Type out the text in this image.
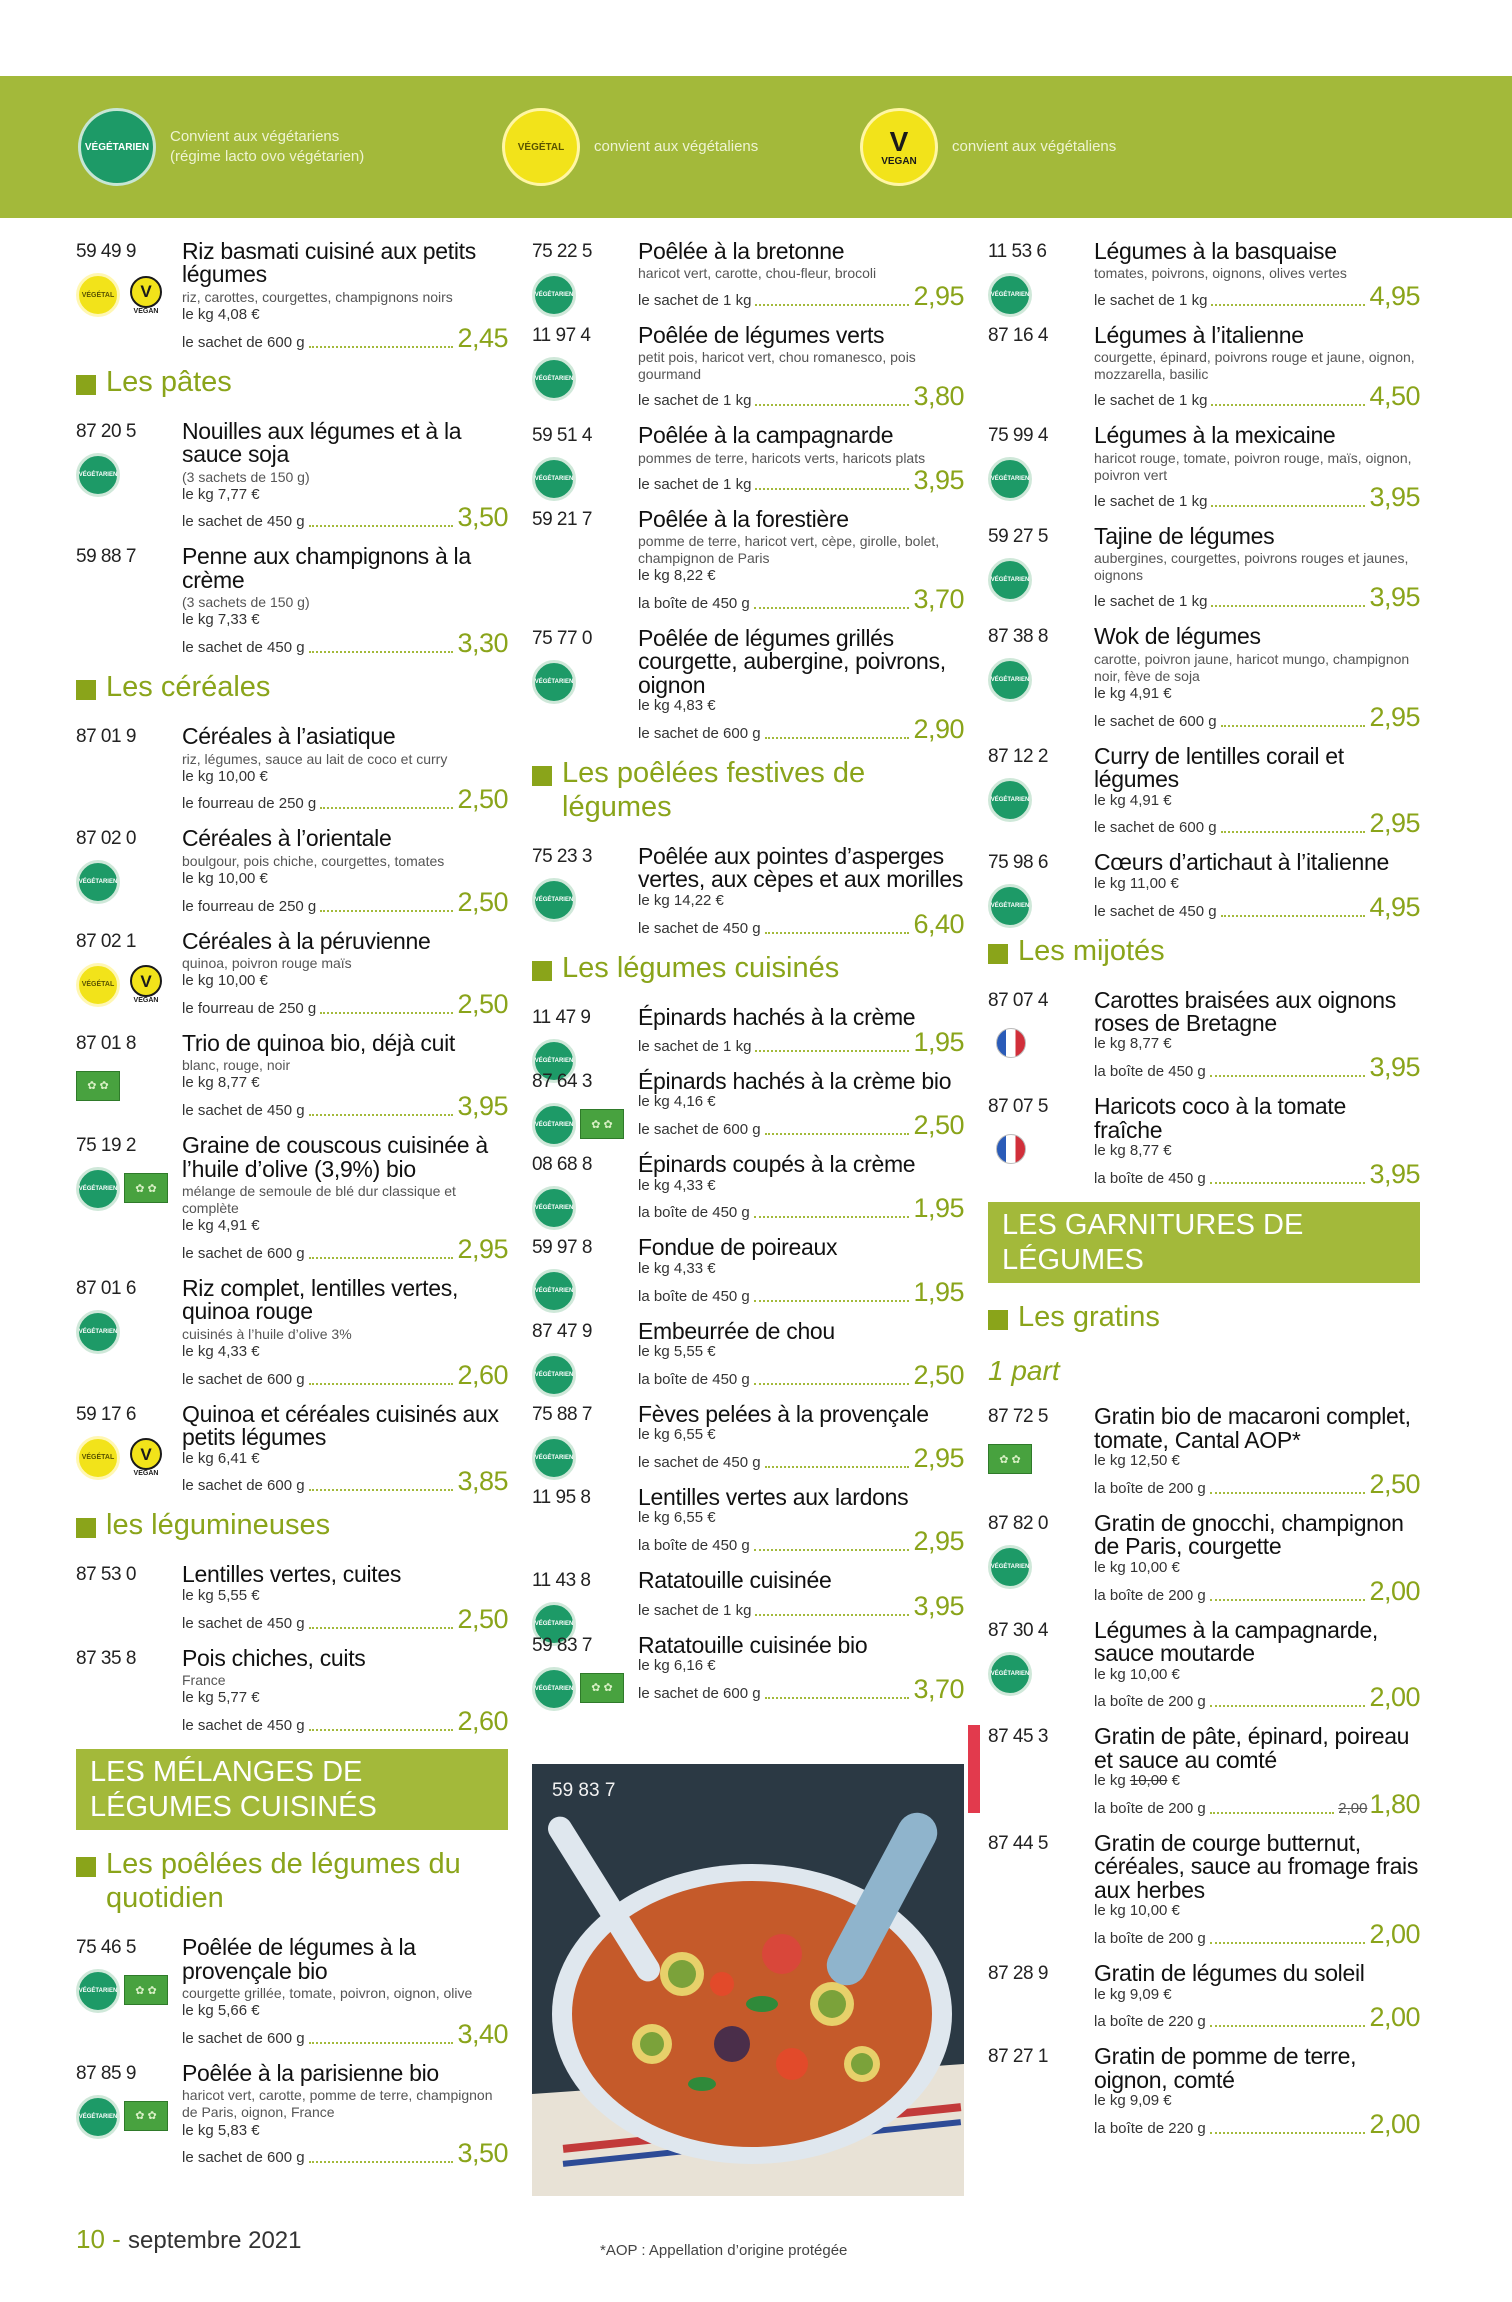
VÉGÉTARIEN
Convient aux végétariens
(régime lacto ovo végétarien)
VÉGÉTAL	convient aux végétaliens	V
VEGAN
convient aux végétaliens
59 49 9
VÉGÉTAL	V
VEGAN
Riz basmati cuisiné aux petits légumes
riz, carottes, courgettes, champignons noirs
le kg 4,08 €
le sachet de 600 g	2,45
Les pâtes
87 20 5
VÉGÉTARIEN
Nouilles aux légumes et à la sauce soja
(3 sachets de 150 g)
le kg 7,77 €
le sachet de 450 g	3,50
59 88 7 Penne aux champignons à la crème
(3 sachets de 150 g)
le kg 7,33 €
le sachet de 450 g	3,30
Les céréales
87 01 9 Céréales à l’asiatique
riz, légumes, sauce au lait de coco et curry
le kg 10,00 €
le fourreau de 250 g	2,50
87 02 0
VÉGÉTARIEN
Céréales à l’orientale
boulgour, pois chiche, courgettes, tomates
le kg 10,00 €
le fourreau de 250 g	2,50
87 02 1
VÉGÉTAL	V
VEGAN
Céréales à la péruvienne
quinoa, poivron rouge maïs
le kg 10,00 €
le fourreau de 250 g	2,50
87 01 8
✿ ✿
Trio de quinoa bio, déjà cuit
blanc, rouge, noir
le kg 8,77 €
le sachet de 450 g	3,95
75 19 2
VÉGÉTARIEN	✿ ✿
Graine de couscous cuisinée à l’huile d’olive (3,9%) bio
mélange de semoule de blé dur classique et complète
le kg 4,91 €
le sachet de 600 g	2,95
87 01 6
VÉGÉTARIEN
Riz complet, lentilles vertes, quinoa rouge
cuisinés à l’huile d’olive 3%
le kg 4,33 €
le sachet de 600 g	2,60
59 17 6
VÉGÉTAL	V
VEGAN
Quinoa et céréales cuisinés aux petits légumes
le kg 6,41 €
le sachet de 600 g	3,85
les légumineuses
87 53 0 Lentilles vertes, cuites
le kg 5,55 €
le sachet de 450 g	2,50
87 35 8 Pois chiches, cuits
France
le kg 5,77 €
le sachet de 450 g	2,60
LES MÉLANGES DE LÉGUMES CUISINÉS
Les poêlées de légumes du quotidien
75 46 5
VÉGÉTARIEN	✿ ✿
Poêlée de légumes à la provençale bio
courgette grillée, tomate, poivron, oignon, olive
le kg 5,66 €
le sachet de 600 g	3,40
87 85 9
VÉGÉTARIEN	✿ ✿
Poêlée à la parisienne bio
haricot vert, carotte, pomme de terre, champignon de Paris, oignon, France
le kg 5,83 €
le sachet de 600 g	3,50
75 22 5
VÉGÉTARIEN
Poêlée à la bretonne
haricot vert, carotte, chou-fleur, brocoli
le sachet de 1 kg	2,95
11 97 4
VÉGÉTARIEN
Poêlée de légumes verts
petit pois, haricot vert, chou romanesco, pois gourmand
le sachet de 1 kg	3,80
59 51 4
VÉGÉTARIEN
Poêlée à la campagnarde
pommes de terre, haricots verts, haricots plats
le sachet de 1 kg	3,95
59 21 7 Poêlée à la forestière
pomme de terre, haricot vert, cèpe, girolle, bolet, champignon de Paris
le kg 8,22 €
la boîte de 450 g	3,70
75 77 0
VÉGÉTARIEN
Poêlée de légumes grillés courgette, aubergine, poivrons, oignon
le kg 4,83 €
le sachet de 600 g	2,90
Les poêlées festives de légumes
75 23 3
VÉGÉTARIEN
Poêlée aux pointes d’asperges vertes, aux cèpes et aux morilles
le kg 14,22 €
le sachet de 450 g	6,40
Les légumes cuisinés
11 47 9
VÉGÉTARIEN
Épinards hachés à la crème
le sachet de 1 kg	1,95
87 64 3
VÉGÉTARIEN	✿ ✿
Épinards hachés à la crème bio
le kg 4,16 €
le sachet de 600 g	2,50
08 68 8
VÉGÉTARIEN
Épinards coupés à la crème
le kg 4,33 €
la boîte de 450 g	1,95
59 97 8
VÉGÉTARIEN
Fondue de poireaux
le kg 4,33 €
la boîte de 450 g	1,95
87 47 9
VÉGÉTARIEN
Embeurrée de chou
le kg 5,55 €
la boîte de 450 g	2,50
75 88 7
VÉGÉTARIEN
Fèves pelées à la provençale
le kg 6,55 €
le sachet de 450 g	2,95
11 95 8 Lentilles vertes aux lardons
le kg 6,55 €
la boîte de 450 g	2,95
11 43 8
VÉGÉTARIEN
Ratatouille cuisinée
le sachet de 1 kg	3,95
59 83 7
VÉGÉTARIEN	✿ ✿
Ratatouille cuisinée bio
le kg 6,16 €
le sachet de 600 g	3,70
59 83 7
11 53 6
VÉGÉTARIEN
Légumes à la basquaise
tomates, poivrons, oignons, olives vertes
le sachet de 1 kg	4,95
87 16 4 Légumes à l’italienne
courgette, épinard, poivrons rouge et jaune, oignon, mozzarella, basilic
le sachet de 1 kg	4,50
75 99 4
VÉGÉTARIEN
Légumes à la mexicaine
haricot rouge, tomate, poivron rouge, maïs, oignon, poivron vert
le sachet de 1 kg	3,95
59 27 5
VÉGÉTARIEN
Tajine de légumes
aubergines, courgettes, poivrons rouges et jaunes, oignons
le sachet de 1 kg	3,95
87 38 8
VÉGÉTARIEN
Wok de légumes
carotte, poivron jaune, haricot mungo, champignon noir, fève de soja
le kg 4,91 €
le sachet de 600 g	2,95
87 12 2
VÉGÉTARIEN
Curry de lentilles corail et légumes
le kg 4,91 €
le sachet de 600 g	2,95
75 98 6
VÉGÉTARIEN
Cœurs d’artichaut à l’italienne
le kg 11,00 €
le sachet de 450 g	4,95
Les mijotés
87 07 4 Carottes braisées aux oignons roses de Bretagne
le kg 8,77 €
la boîte de 450 g	3,95
87 07 5 Haricots coco à la tomate fraîche
le kg 8,77 €
la boîte de 450 g	3,95
LES GARNITURES DE LÉGUMES
Les gratins
1 part
87 72 5
✿ ✿
Gratin bio de macaroni complet, tomate, Cantal AOP*
le kg 12,50 €
la boîte de 200 g	2,50
87 82 0
VÉGÉTARIEN
Gratin de gnocchi, champignon de Paris, courgette
le kg 10,00 €
la boîte de 200 g	2,00
87 30 4
VÉGÉTARIEN
Légumes à la campagnarde, sauce moutarde
le kg 10,00 €
la boîte de 200 g	2,00
87 45 3 Gratin de pâte, épinard, poireau et sauce au comté
le kg 10,00 €
la boîte de 200 g	2,00 1,80
87 44 5 Gratin de courge butternut, céréales, sauce au fromage frais aux herbes
le kg 10,00 €
la boîte de 200 g	2,00
87 28 9 Gratin de légumes du soleil
le kg 9,09 €
la boîte de 220 g	2,00
87 27 1 Gratin de pomme de terre, oignon, comté
le kg 9,09 €
la boîte de 220 g	2,00
10 - septembre 2021	*AOP : Appellation d’origine protégée
